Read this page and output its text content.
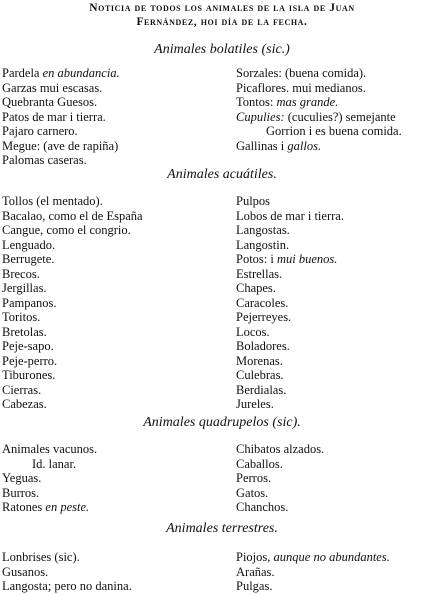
Noticia de todos los animales de la isla de Juan
Fernández, hoi día de la fecha.
Animales bolatiles (sic.)
Pardela en abundancia.
Garzas mui escasas.
Quebranta Guesos.
Patos de mar i tierra.
Pajaro carnero.
Megue: (ave de rapiña)
Palomas caseras.
Sorzales: (buena comida).
Picaflores. mui medianos.
Tontos: mas grande.
Cupulies: (cuculies?) semejante
Gorrion i es buena comida.
Gallinas i gallos.
Animales acuátiles.
Tollos (el mentado).
Bacalao, como el de España
Cangue, como el congrio.
Lenguado.
Berrugete.
Brecos.
Jergillas.
Pampanos.
Toritos.
Bretolas.
Peje-sapo.
Peje-perro.
Tiburones.
Cierras.
Cabezas.
Pulpos
Lobos de mar i tierra.
Langostas.
Langostin.
Potos: i mui buenos.
Estrellas.
Chapes.
Caracoles.
Pejerreyes.
Locos.
Boladores.
Morenas.
Culebras.
Berdialas.
Jureles.
Animales quadrupelos (sic).
Animales vacunos.
Id. lanar.
Yeguas.
Burros.
Ratones en peste.
Chibatos alzados.
Caballos.
Perros.
Gatos.
Chanchos.
Animales terrestres.
Lonbrises (sic).
Gusanos.
Langosta; pero no danina.
Piojos, aunque no abundantes.
Arañas.
Pulgas.
